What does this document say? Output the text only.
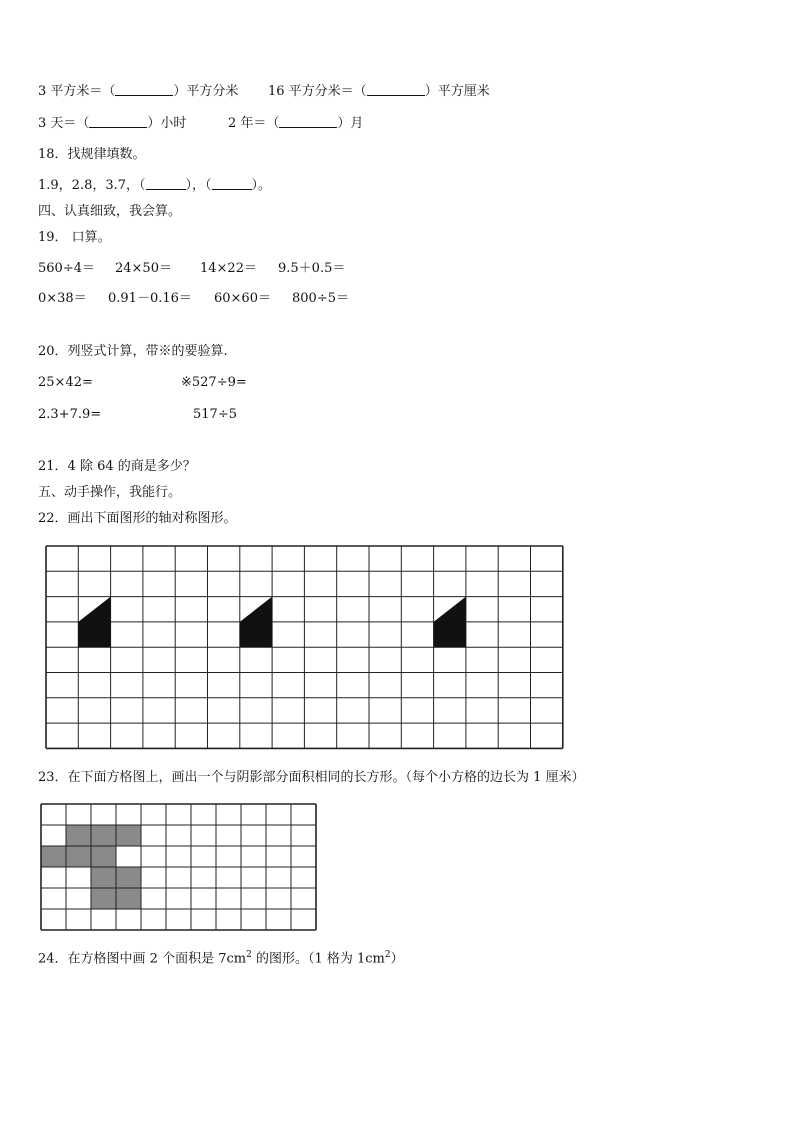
3 平方米＝（	）平方分米 16 平方分米＝（	）平方厘米
3 天＝（	）小时	2 年＝（	）月
18．找规律填数。
1.9，2.8，3.7，（	），（	）。
四、认真细致，我会算。
19． 口算。
560÷4＝ 24×50＝ 14×22＝ 9.5＋0.5＝
0×38＝ 0.91－0.16＝ 60×60＝ 800÷5＝
20．列竖式计算，带※的要验算.
25×42=	※527÷9=
2.3+7.9=	517÷5
21．4 除 64 的商是多少？
五、动手操作，我能行。
22．画出下面图形的轴对称图形。
23．在下面方格图上，画出一个与阴影部分面积相同的长方形。（每个小方格的边长为 1 厘米）
24．在方格图中画 2 个面积是 $7cm^2$ 的图形。（1 格为 $1cm^2$）
